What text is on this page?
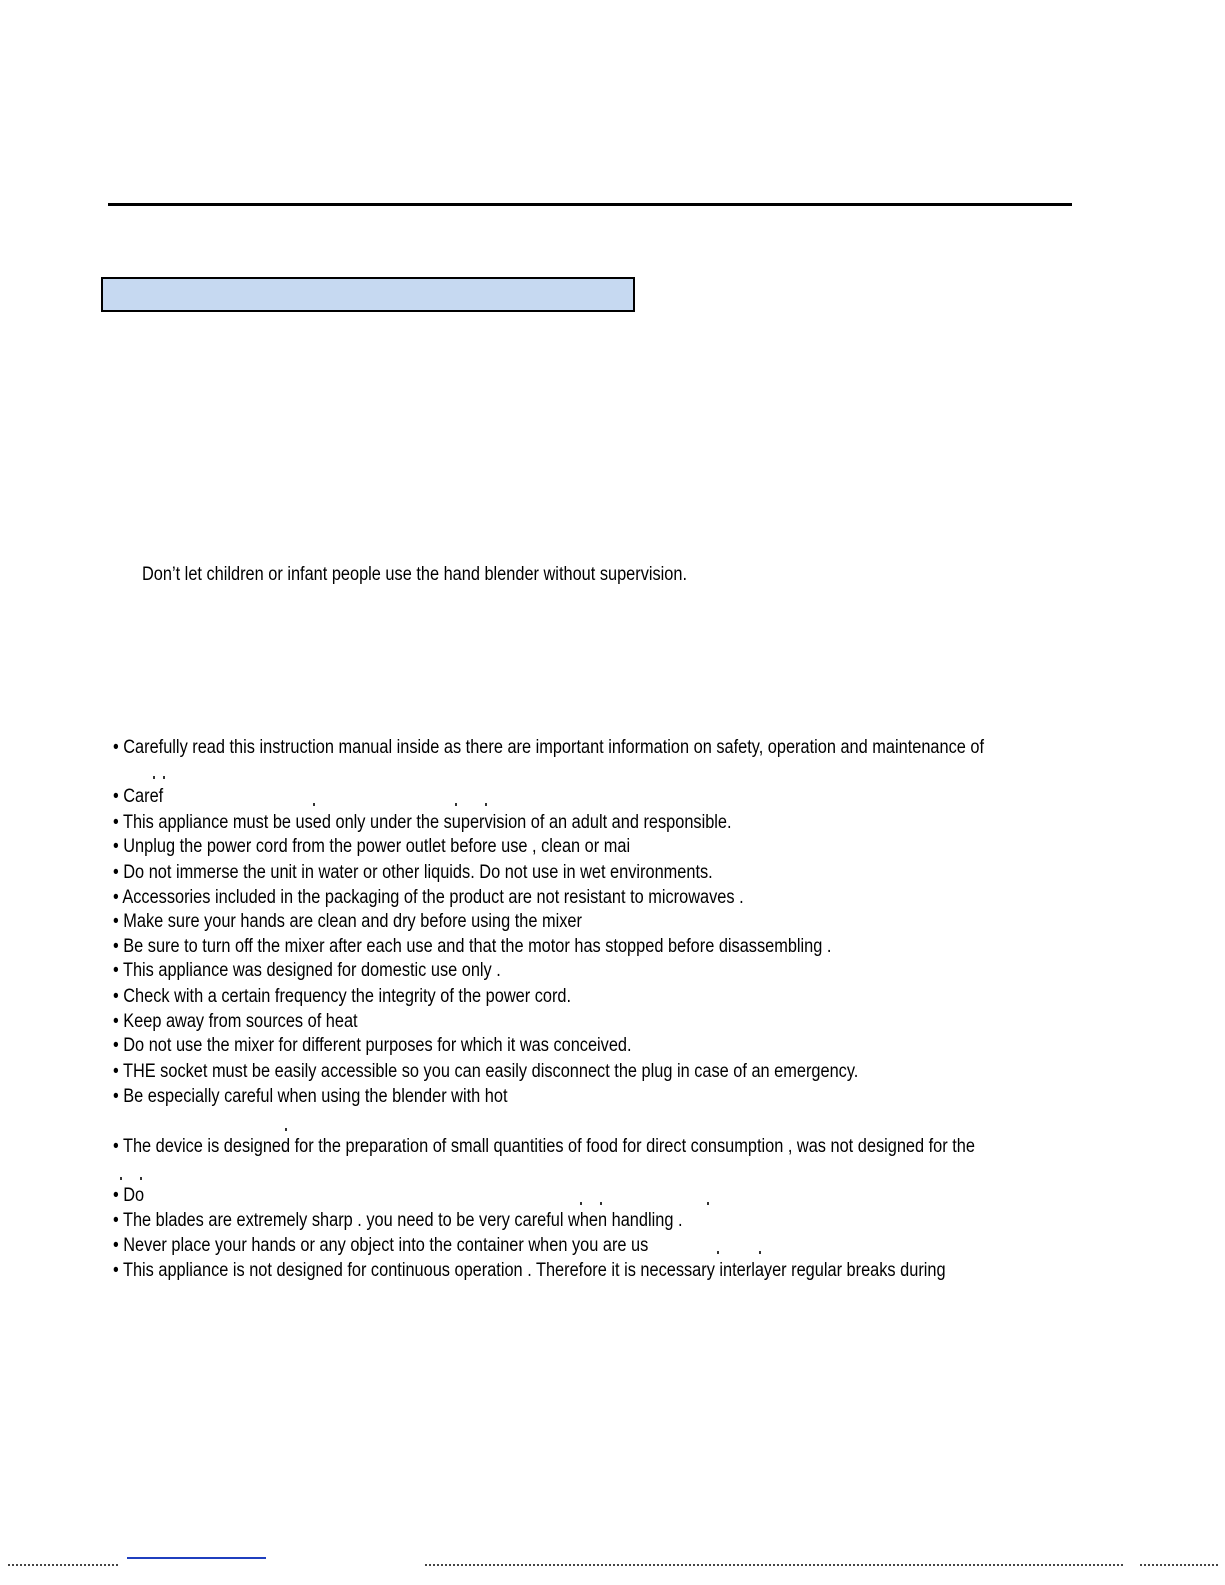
Don’t let children or infant people use the hand blender without supervision.
• Carefully read this instruction manual inside as there are important information on safety, operation and maintenance of
• Caref
• This appliance must be used only under the supervision of an adult and responsible.
• Unplug the power cord from the power outlet before use , clean or mai
• Do not immerse the unit in water or other liquids. Do not use in wet environments.
• Accessories included in the packaging of the product are not resistant to microwaves .
• Make sure your hands are clean and dry before using the mixer
• Be sure to turn off the mixer after each use and that the motor has stopped before disassembling .
• This appliance was designed for domestic use only .
• Check with a certain frequency the integrity of the power cord.
• Keep away from sources of heat
• Do not use the mixer for different purposes for which it was conceived.
• THE socket must be easily accessible so you can easily disconnect the plug in case of an emergency.
• Be especially careful when using the blender with hot
• The device is designed for the preparation of small quantities of food for direct consumption , was not designed for the
• Do
• The blades are extremely sharp . you need to be very careful when handling .
• Never place your hands or any object into the container when you are us
• This appliance is not designed for continuous operation . Therefore it is necessary interlayer regular breaks during
